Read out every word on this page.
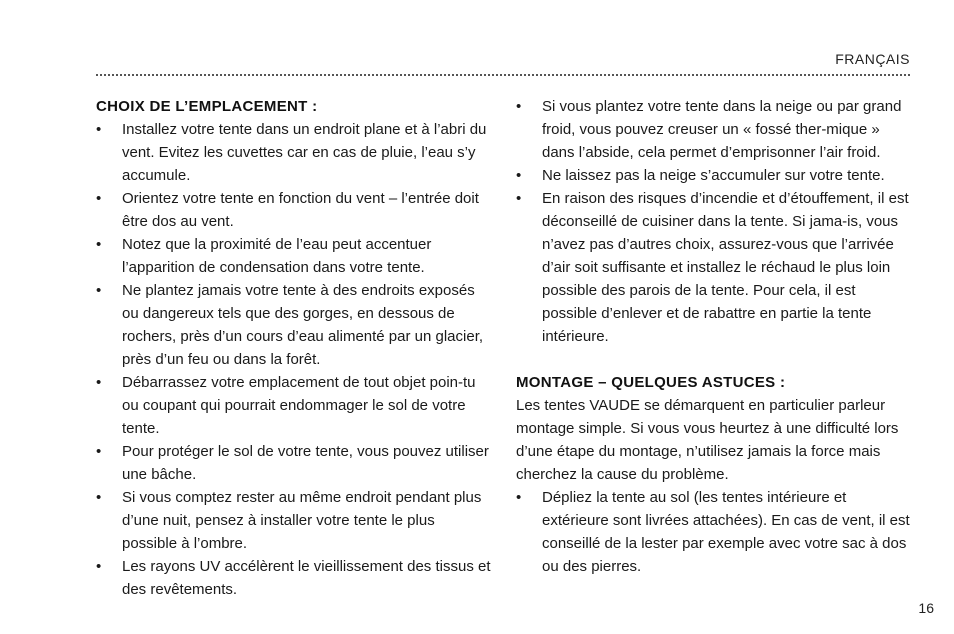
FRANÇAIS
CHOIX DE L’EMPLACEMENT :
• Installez votre tente dans un endroit plane et à l’abri du vent. Evitez les cuvettes car en cas de pluie, l’eau s’y accumule.
• Orientez votre tente en fonction du vent – l’entrée doit être dos au vent.
• Notez que la proximité de l’eau peut accentuer l’apparition de condensation dans votre tente.
• Ne plantez jamais votre tente à des endroits exposés ou dangereux tels que des gorges, en dessous de rochers, près d’un cours d’eau alimenté par un glacier, près d’un feu ou dans la forêt.
• Débarrassez votre emplacement de tout objet poin-tu ou coupant qui pourrait endommager le sol de votre tente.
• Pour protéger le sol de votre tente, vous pouvez utiliser une bâche.
• Si vous comptez rester au même endroit pendant plus d’une nuit, pensez à installer votre tente le plus possible à l’ombre.
• Les rayons UV accélèrent le vieillissement des tissus et des revêtements.
• Si vous plantez votre tente dans la neige ou par grand froid, vous pouvez creuser un « fossé ther-mique » dans l’abside, cela permet d’emprisonner l’air froid.
• Ne laissez pas la neige s’accumuler sur votre tente.
• En raison des risques d’incendie et d’étouffement, il est déconseillé de cuisiner dans la tente. Si jama-is, vous n’avez pas d’autres choix, assurez-vous que l’arrivée d’air soit suffisante et installez le réchaud le plus loin possible des parois de la tente. Pour cela, il est possible d’enlever et de rabattre en partie la tente intérieure.
MONTAGE – QUELQUES ASTUCES :

Les tentes VAUDE se démarquent en particulier parleur montage simple. Si vous vous heurtez à une difficulté lors d’une étape du montage, n’utilisez jamais la force mais cherchez la cause du problème.

• Dépliez la tente au sol (les tentes intérieure et extérieure sont livrées attachées). En cas de vent, il est conseillé de la lester par exemple avec votre sac à dos ou des pierres.
16
